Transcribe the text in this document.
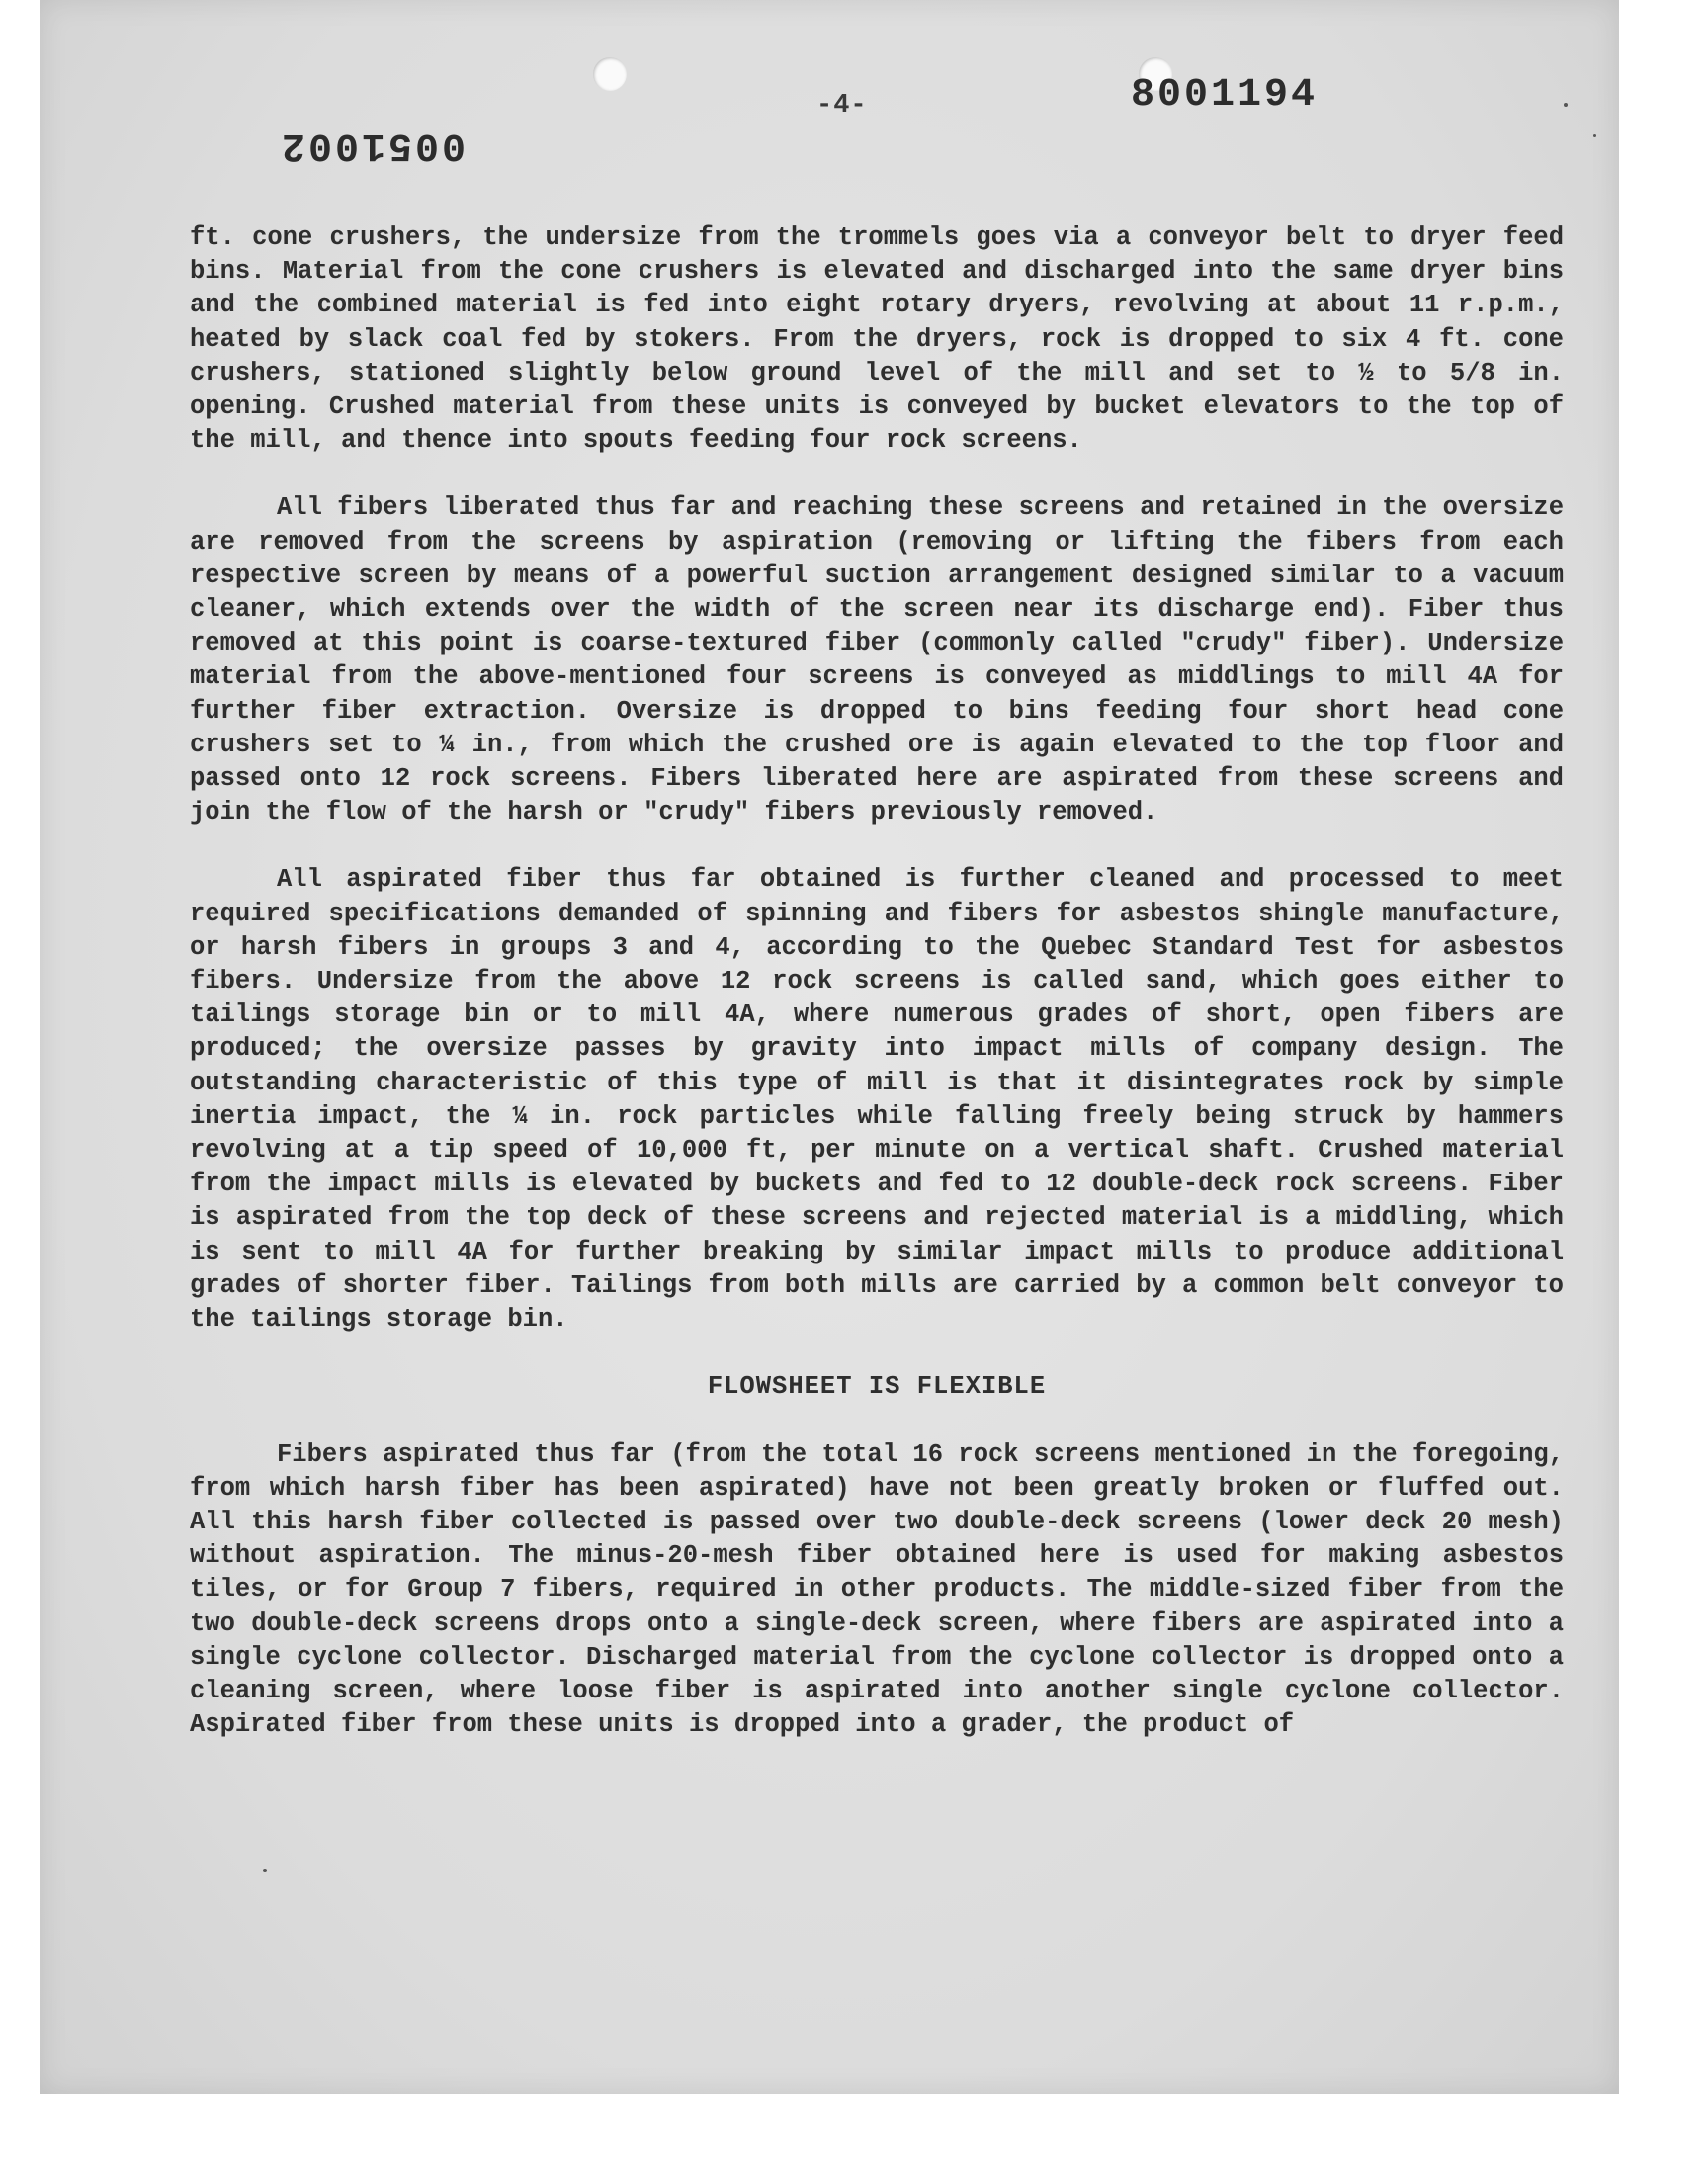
-4-	8001194
0051002

ft. cone crushers, the undersize from the trommels goes via a conveyor belt to dryer feed bins. Material from the cone crushers is elevated and discharged into the same dryer bins and the combined material is fed into eight rotary dryers, revolving at about 11 r.p.m., heated by slack coal fed by stokers. From the dryers, rock is dropped to six 4 ft. cone crushers, stationed slightly below ground level of the mill and set to ½ to 5/8 in. opening. Crushed material from these units is conveyed by bucket elevators to the top of the mill, and thence into spouts feeding four rock screens.

All fibers liberated thus far and reaching these screens and retained in the oversize are removed from the screens by aspiration (removing or lifting the fibers from each respective screen by means of a powerful suction arrangement designed similar to a vacuum cleaner, which extends over the width of the screen near its discharge end). Fiber thus removed at this point is coarse-textured fiber (commonly called "crudy" fiber). Undersize material from the above-mentioned four screens is conveyed as middlings to mill 4A for further fiber extraction. Oversize is dropped to bins feeding four short head cone crushers set to ¼ in., from which the crushed ore is again elevated to the top floor and passed onto 12 rock screens. Fibers liberated here are aspirated from these screens and join the flow of the harsh or "crudy" fibers previously removed.

All aspirated fiber thus far obtained is further cleaned and processed to meet required specifications demanded of spinning and fibers for asbestos shingle manufacture, or harsh fibers in groups 3 and 4, according to the Quebec Standard Test for asbestos fibers. Undersize from the above 12 rock screens is called sand, which goes either to tailings storage bin or to mill 4A, where numerous grades of short, open fibers are produced; the oversize passes by gravity into impact mills of company design. The outstanding characteristic of this type of mill is that it disintegrates rock by simple inertia impact, the ¼ in. rock particles while falling freely being struck by hammers revolving at a tip speed of 10,000 ft, per minute on a vertical shaft. Crushed material from the impact mills is elevated by buckets and fed to 12 double-deck rock screens. Fiber is aspirated from the top deck of these screens and rejected material is a middling, which is sent to mill 4A for further breaking by similar impact mills to produce additional grades of shorter fiber. Tailings from both mills are carried by a common belt conveyor to the tailings storage bin.

FLOWSHEET IS FLEXIBLE

Fibers aspirated thus far (from the total 16 rock screens mentioned in the foregoing, from which harsh fiber has been aspirated) have not been greatly broken or fluffed out. All this harsh fiber collected is passed over two double-deck screens (lower deck 20 mesh) without aspiration. The minus-20-mesh fiber obtained here is used for making asbestos tiles, or for Group 7 fibers, required in other products. The middle-sized fiber from the two double-deck screens drops onto a single-deck screen, where fibers are aspirated into a single cyclone collector. Discharged material from the cyclone collector is dropped onto a cleaning screen, where loose fiber is aspirated into another single cyclone collector. Aspirated fiber from these units is dropped into a grader, the product of
